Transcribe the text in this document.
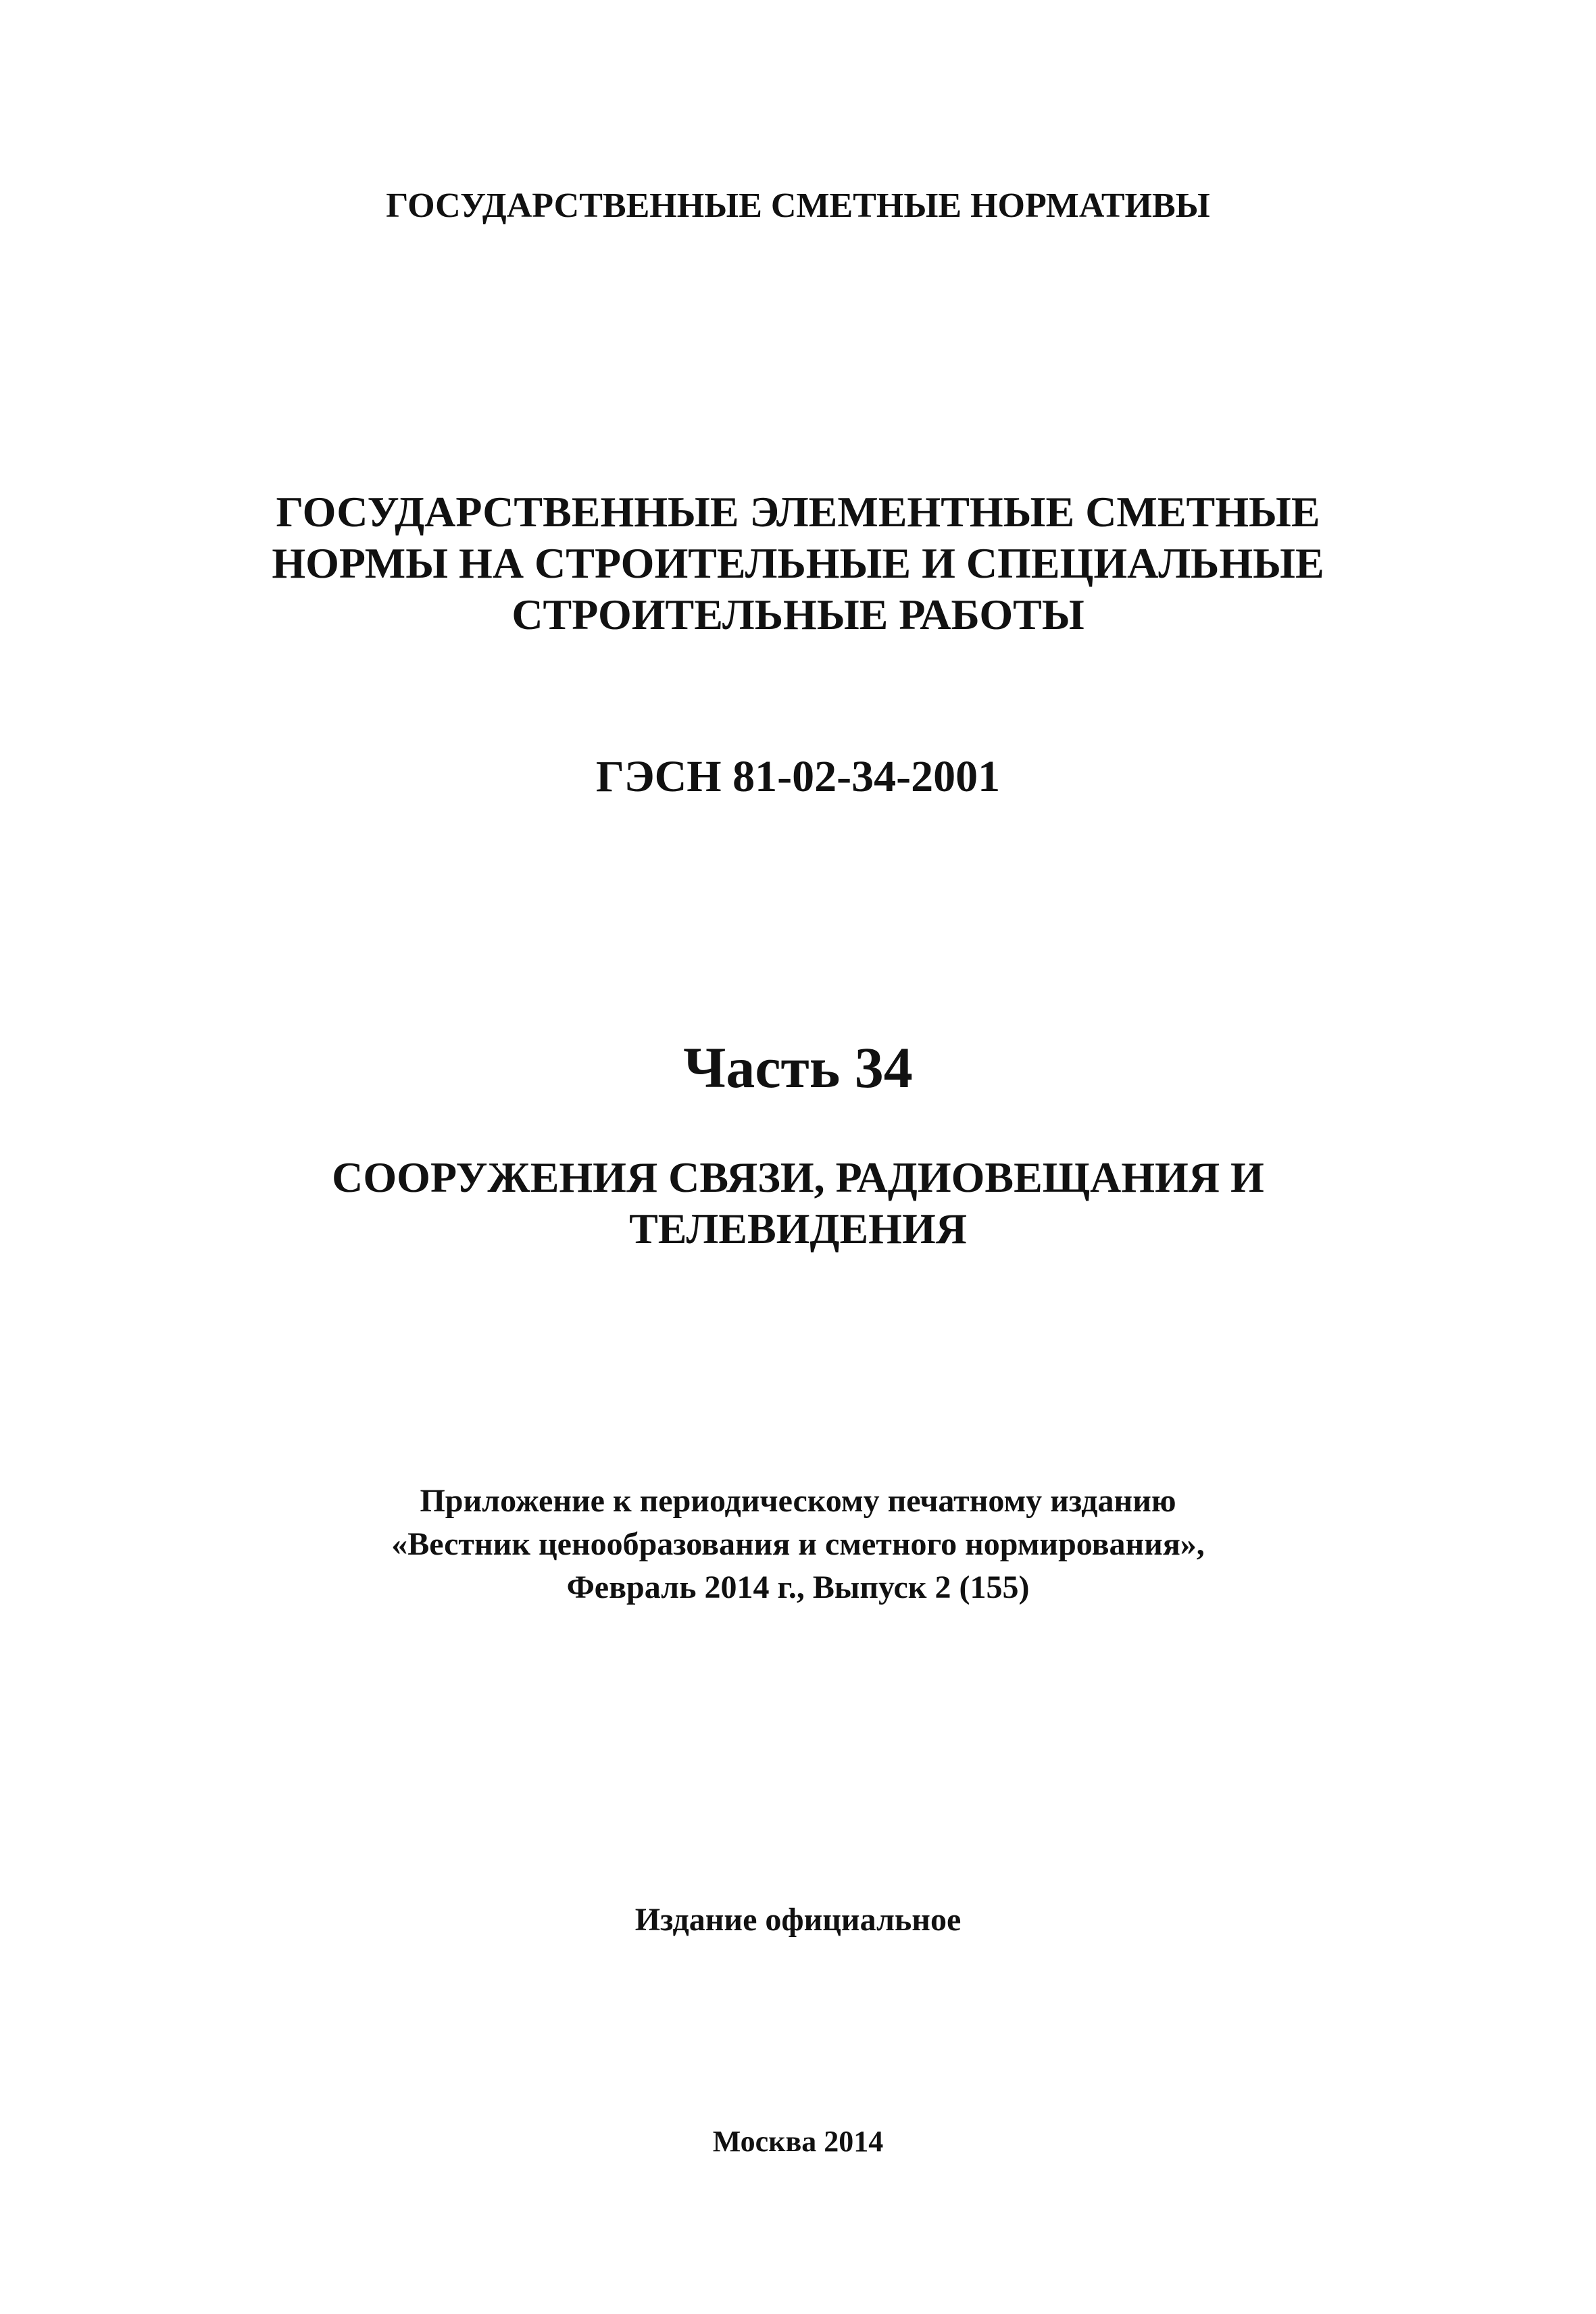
ГОСУДАРСТВЕННЫЕ СМЕТНЫЕ НОРМАТИВЫ

ГОСУДАРСТВЕННЫЕ ЭЛЕМЕНТНЫЕ СМЕТНЫЕ
НОРМЫ НА СТРОИТЕЛЬНЫЕ И СПЕЦИАЛЬНЫЕ
СТРОИТЕЛЬНЫЕ РАБОТЫ

ГЭСН 81-02-34-2001

Часть 34
СООРУЖЕНИЯ СВЯЗИ, РАДИОВЕЩАНИЯ И
ТЕЛЕВИДЕНИЯ

Приложение к периодическому печатному изданию
«Вестник ценообразования и сметного нормирования»,
Февраль 2014 г., Выпуск 2 (155)

Издание официальное

Москва 2014
